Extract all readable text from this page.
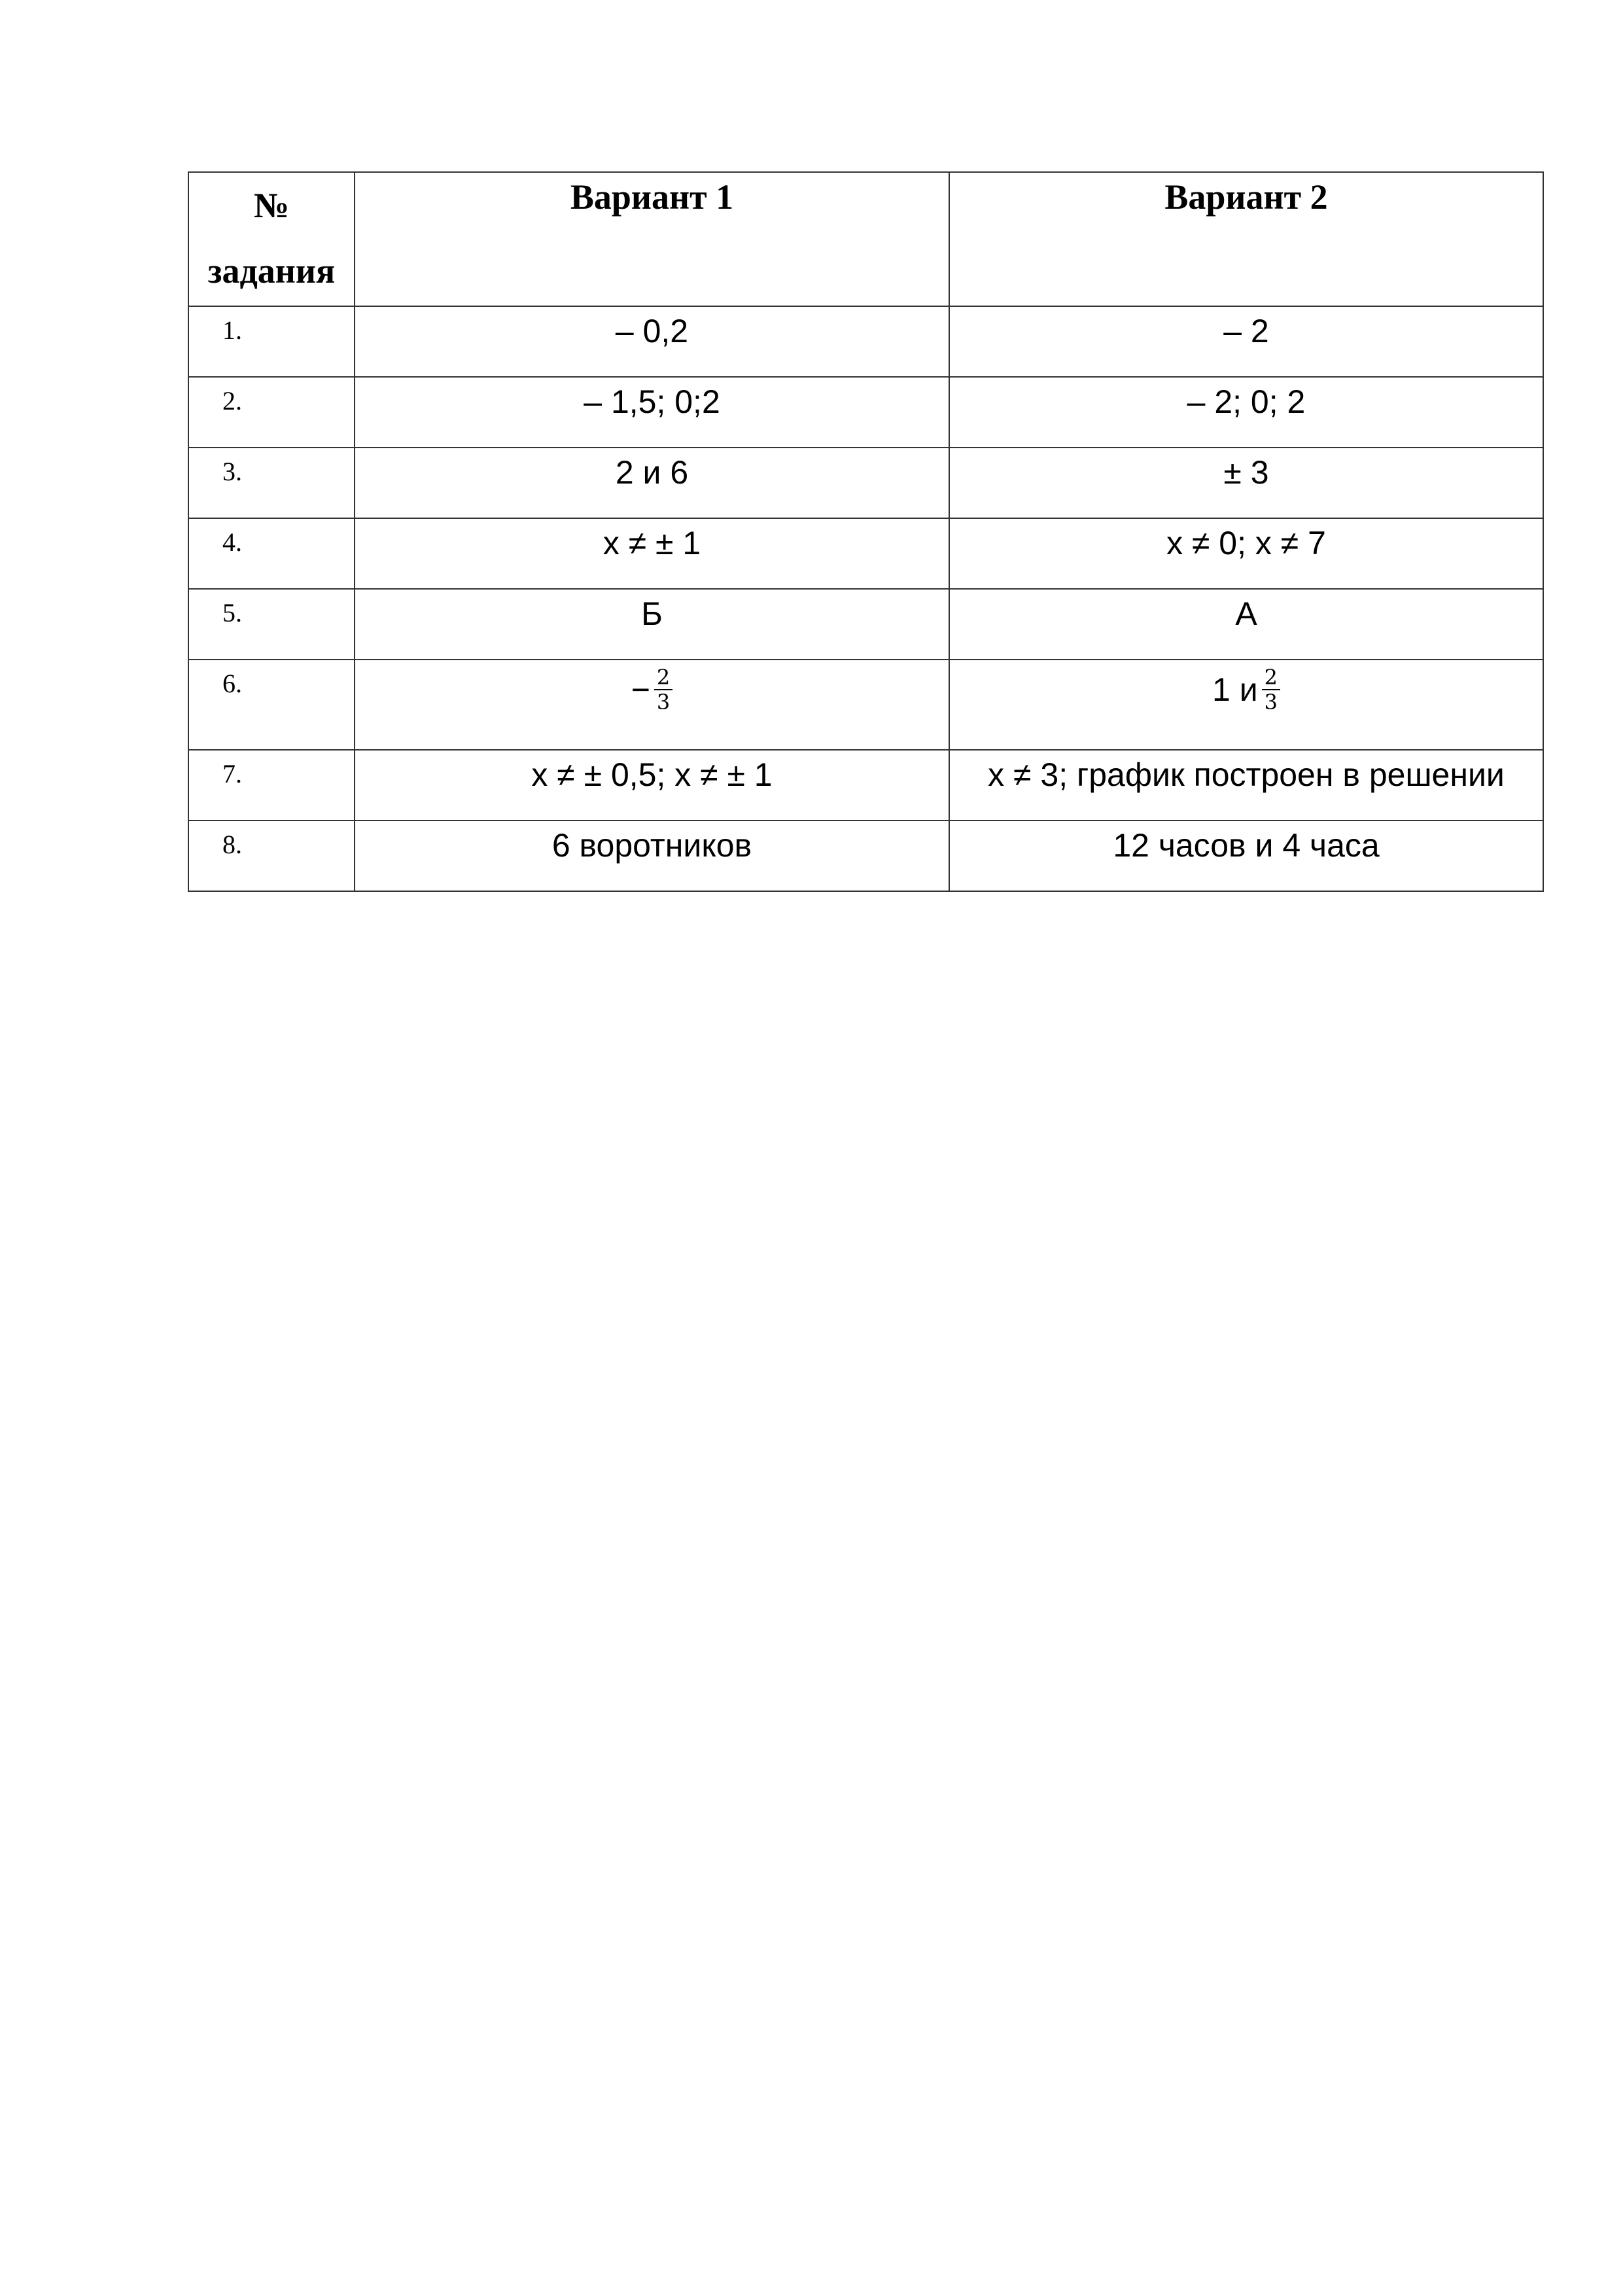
№
задания	Вариант 1	Вариант 2
1.	– 0,2	– 2
2.	– 1,5; 0;2	– 2; 0; 2
3.	2 и 6	± 3
4.	x ≠ ± 1	x ≠ 0; x ≠ 7
5.	Б	А
6.	− $\frac{2}{3}$	1 и $\frac{2}{3}$

7.	x ≠ ± 0,5; x ≠ ± 1	x ≠ 3; график построен в решении
8.	6 воротников	12 часов и 4 часа
